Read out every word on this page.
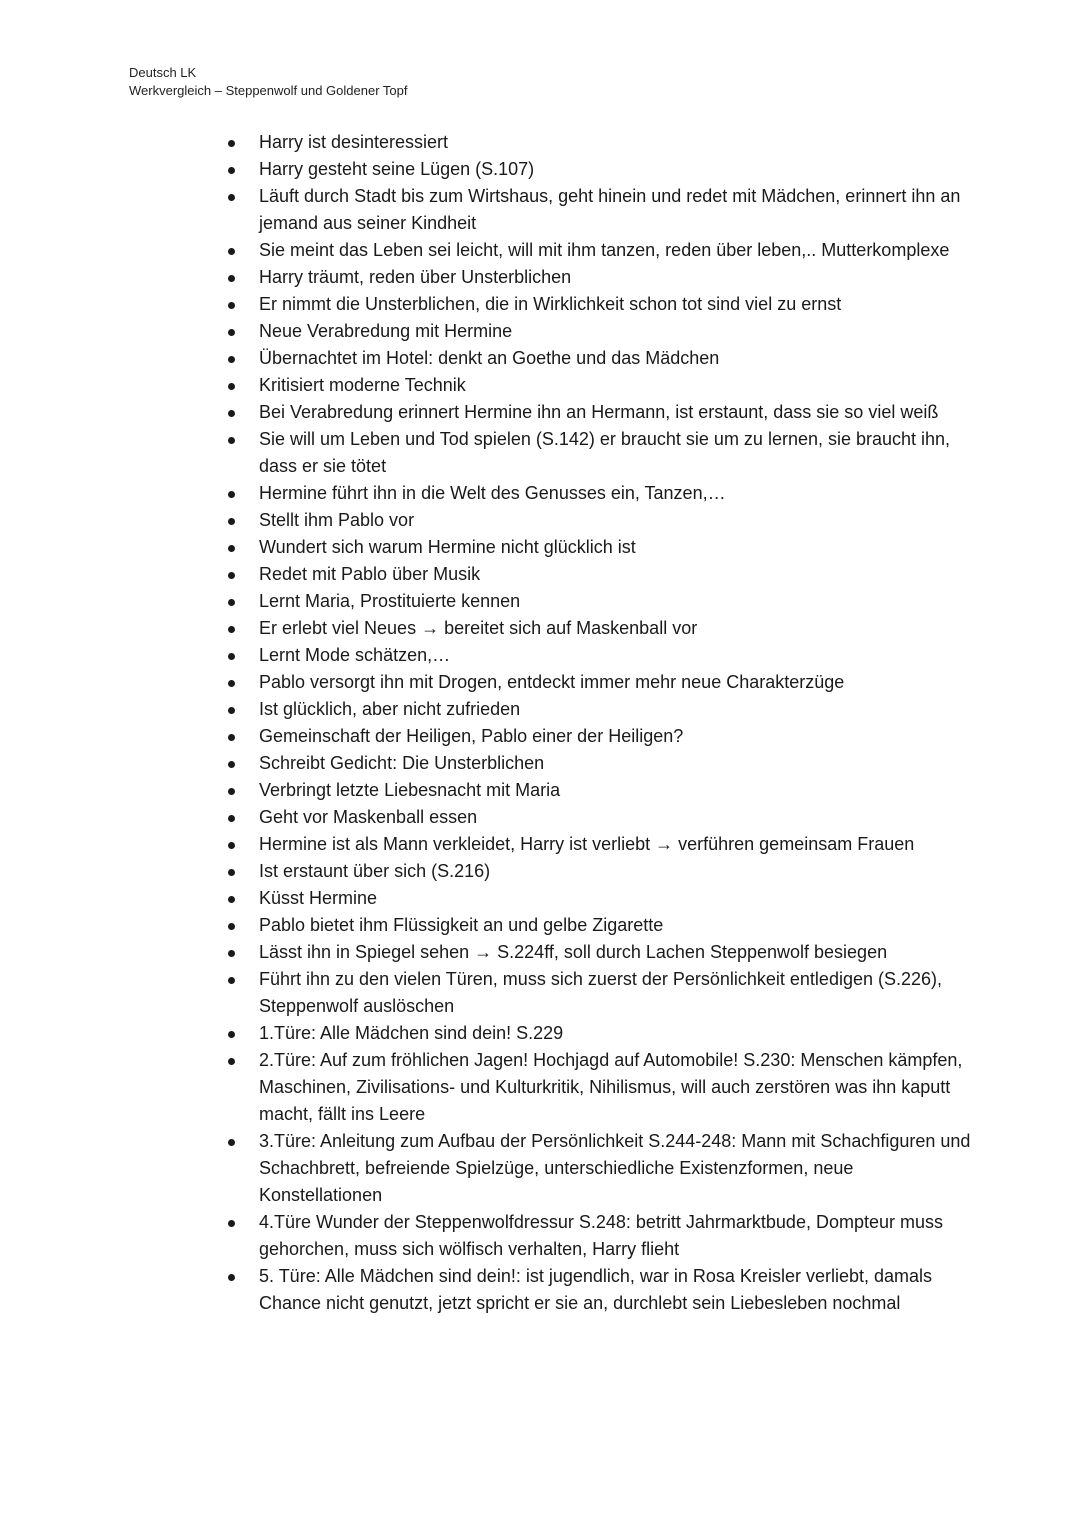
Deutsch LK
Werkvergleich – Steppenwolf und Goldener Topf
Harry ist desinteressiert
Harry gesteht seine Lügen (S.107)
Läuft durch Stadt bis zum Wirtshaus, geht hinein und redet mit Mädchen, erinnert ihn an jemand aus seiner Kindheit
Sie meint das Leben sei leicht, will mit ihm tanzen, reden über leben,.. Mutterkomplexe
Harry träumt, reden über Unsterblichen
Er nimmt die Unsterblichen, die in Wirklichkeit schon tot sind viel zu ernst
Neue Verabredung mit Hermine
Übernachtet im Hotel: denkt an Goethe und das Mädchen
Kritisiert moderne Technik
Bei Verabredung erinnert Hermine ihn an Hermann, ist erstaunt, dass sie so viel weiß
Sie will um Leben und Tod spielen (S.142) er braucht sie um zu lernen, sie braucht ihn, dass er sie tötet
Hermine führt ihn in die Welt des Genusses ein, Tanzen,…
Stellt ihm Pablo vor
Wundert sich warum Hermine nicht glücklich ist
Redet mit Pablo über Musik
Lernt Maria, Prostituierte kennen
Er erlebt viel Neues → bereitet sich auf Maskenball vor
Lernt Mode schätzen,…
Pablo versorgt ihn mit Drogen, entdeckt immer mehr neue Charakterzüge
Ist glücklich, aber nicht zufrieden
Gemeinschaft der Heiligen, Pablo einer der Heiligen?
Schreibt Gedicht: Die Unsterblichen
Verbringt letzte Liebesnacht mit Maria
Geht vor Maskenball essen
Hermine ist als Mann verkleidet, Harry ist verliebt → verführen gemeinsam Frauen
Ist erstaunt über sich (S.216)
Küsst Hermine
Pablo bietet ihm Flüssigkeit an und gelbe Zigarette
Lässt ihn in Spiegel sehen → S.224ff, soll durch Lachen Steppenwolf besiegen
Führt ihn zu den vielen Türen, muss sich zuerst der Persönlichkeit entledigen (S.226), Steppenwolf auslöschen
1.Türe: Alle Mädchen sind dein! S.229
2.Türe: Auf zum fröhlichen Jagen! Hochjagd auf Automobile! S.230: Menschen kämpfen, Maschinen, Zivilisations- und Kulturkritik, Nihilismus, will auch zerstören was ihn kaputt macht, fällt ins Leere
3.Türe: Anleitung zum Aufbau der Persönlichkeit S.244-248: Mann mit Schachfiguren und Schachbrett, befreiende Spielzüge, unterschiedliche Existenzformen, neue Konstellationen
4.Türe Wunder der Steppenwolfdressur S.248: betritt Jahrmarktbude, Dompteur muss gehorchen, muss sich wölfisch verhalten, Harry flieht
5. Türe: Alle Mädchen sind dein!: ist jugendlich, war in Rosa Kreisler verliebt, damals Chance nicht genutzt, jetzt spricht er sie an, durchlebt sein Liebesleben nochmal
